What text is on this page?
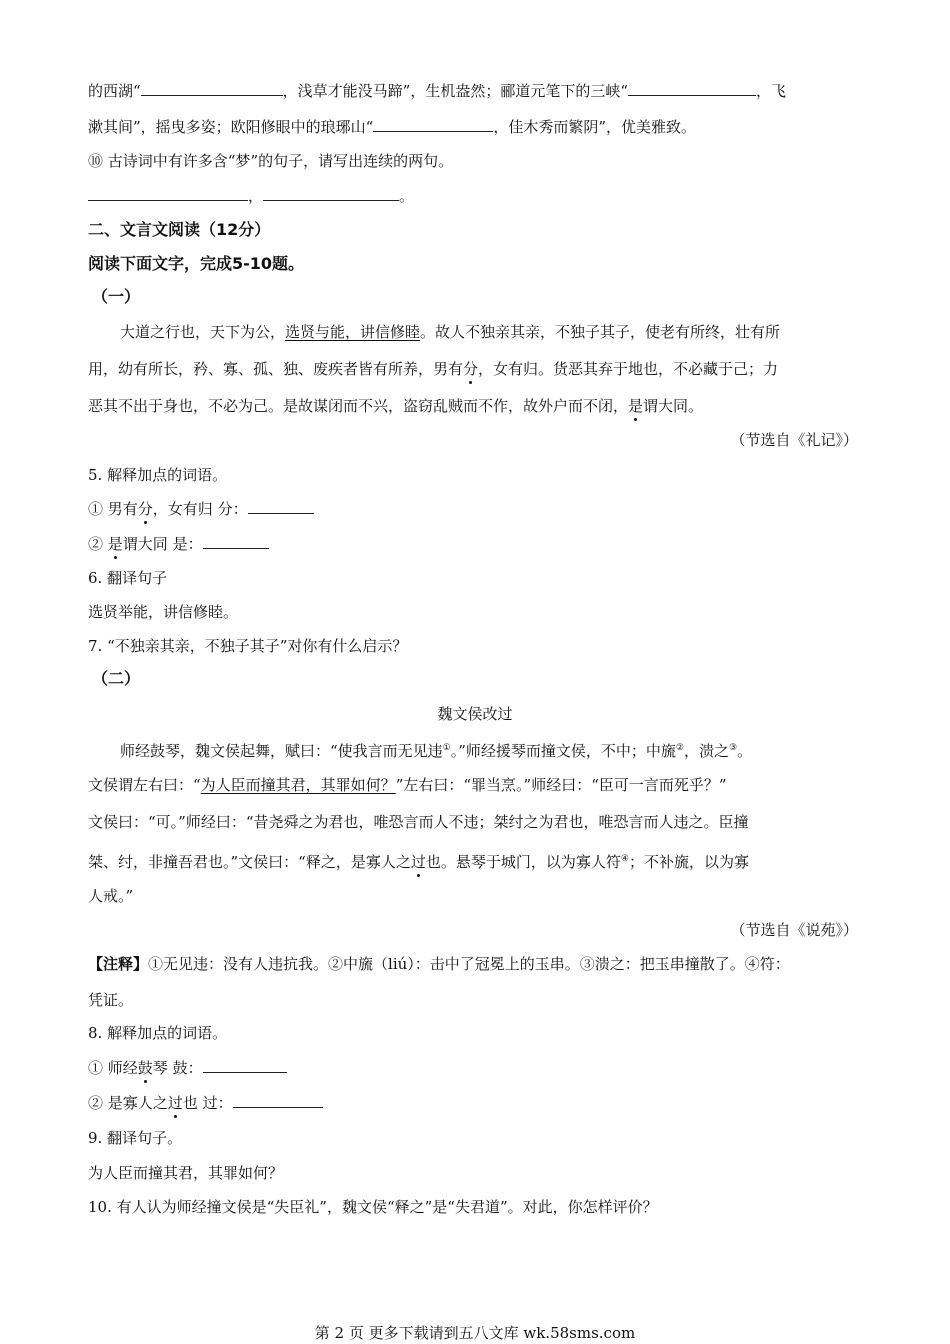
的西湖“	，浅草才能没马蹄”，生机盎然；郦道元笔下的三峡“	，飞
漱其间”，摇曳多姿；欧阳修眼中的琅琊山“	，佳木秀而繁阴”，优美雅致。
⑩ 古诗词中有许多含“梦”的句子，请写出连续的两句。
，	。
二、文言文阅读（12分）
阅读下面文字，完成5-10题。
（一）
大道之行也，天下为公，选贤与能，讲信修睦。故人不独亲其亲，不独子其子，使老有所终，壮有所
用，幼有所长，矜、寡、孤、独、废疾者皆有所养，男有分，女有归。货恶其弃于地也，不必藏于己；力
恶其不出于身也，不必为己。是故谋闭而不兴，盗窃乱贼而不作，故外户而不闭，是谓大同。
（节选自《礼记》）
5. 解释加点的词语。
① 男有分，女有归 分：
② 是谓大同 是：
6. 翻译句子
选贤举能，讲信修睦。
7. “不独亲其亲，不独子其子”对你有什么启示？
（二）
魏文侯改过
师经鼓琴，魏文侯起舞，赋曰：“使我言而无见违①。”师经援琴而撞文侯，不中；中旒②，溃之③。
文侯谓左右曰：“为人臣而撞其君，其罪如何？”左右曰：“罪当烹。”师经曰：“臣可一言而死乎？”
文侯曰：“可。”师经曰：“昔尧舜之为君也，唯恐言而人不违；桀纣之为君也，唯恐言而人违之。臣撞
桀、纣，非撞吾君也。”文侯曰：“释之，是寡人之过也。悬琴于城门，以为寡人符④；不补旒，以为寡
人戒。”
（节选自《说苑》）
【注释】①无见违：没有人违抗我。②中旒（liú）：击中了冠冕上的玉串。③溃之：把玉串撞散了。④符：
凭证。
8. 解释加点的词语。
① 师经鼓琴 鼓：
② 是寡人之过也 过：
9. 翻译句子。
为人臣而撞其君，其罪如何？
10. 有人认为师经撞文侯是“失臣礼”，魏文侯“释之”是“失君道”。对此，你怎样评价？
第 2 页 更多下载请到五八文库 wk.58sms.com
